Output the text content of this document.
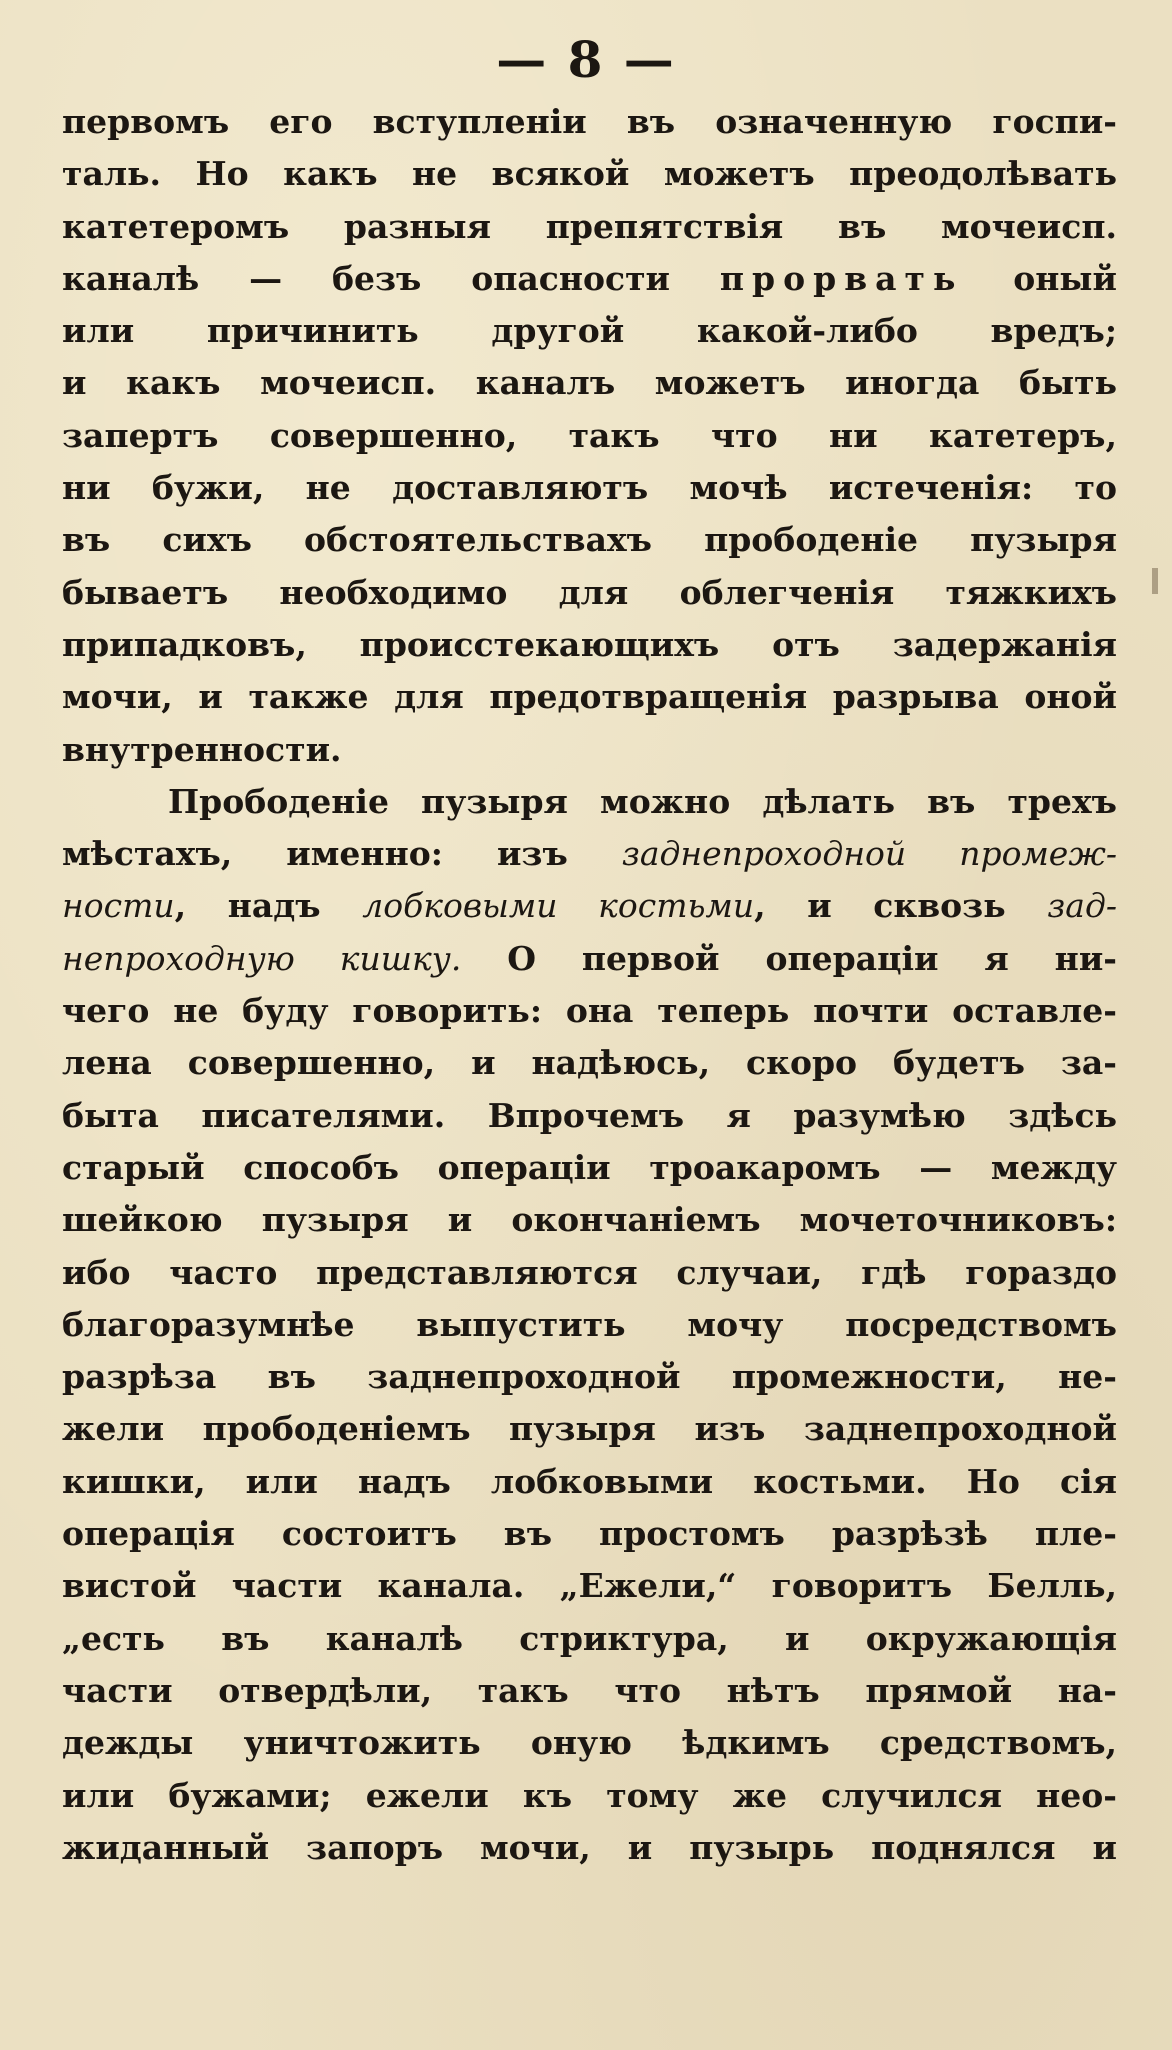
— 8 —
первомъ его вступленіи въ означенную госпи-
таль. Но какъ не всякой можетъ преодолѣвать
катетеромъ разныя препятствія въ мочеисп.
каналѣ — безъ опасности прорвать оный
или причинить другой какой-либо вредъ;
и какъ мочеисп. каналъ можетъ иногда быть
запертъ совершенно, такъ что ни катетеръ,
ни бужи, не доставляютъ мочѣ истеченія: то
въ сихъ обстоятельствахъ прободеніе пузыря
бываетъ необходимо для облегченія тяжкихъ
припадковъ, происстекающихъ отъ задержанія
мочи, и также для предотвращенія разрыва оной
внутренности.
Прободеніе пузыря можно дѣлать въ трехъ
мѣстахъ, именно: изъ заднепроходной промеж-
ности, надъ лобковыми костьми, и сквозь зад-
непроходную кишку. О первой операціи я ни-
чего не буду говорить: она теперь почти оставле-
лена совершенно, и надѣюсь, скоро будетъ за-
быта писателями. Впрочемъ я разумѣю здѣсь
старый способъ операціи троакаромъ — между
шейкою пузыря и окончаніемъ мочеточниковъ:
ибо часто представляются случаи, гдѣ гораздо
благоразумнѣе выпустить мочу посредствомъ
разрѣза въ заднепроходной промежности, не-
жели прободеніемъ пузыря изъ заднепроходной
кишки, или надъ лобковыми костьми. Но сія
операція состоитъ въ простомъ разрѣзѣ пле-
вистой части канала. „Ежели,“ говоритъ Белль,
„есть въ каналѣ стриктура, и окружающія
части отвердѣли, такъ что нѣтъ прямой на-
дежды уничтожить оную ѣдкимъ средствомъ,
или бужами; ежели къ тому же случился нео-
жиданный запоръ мочи, и пузырь поднялся и
